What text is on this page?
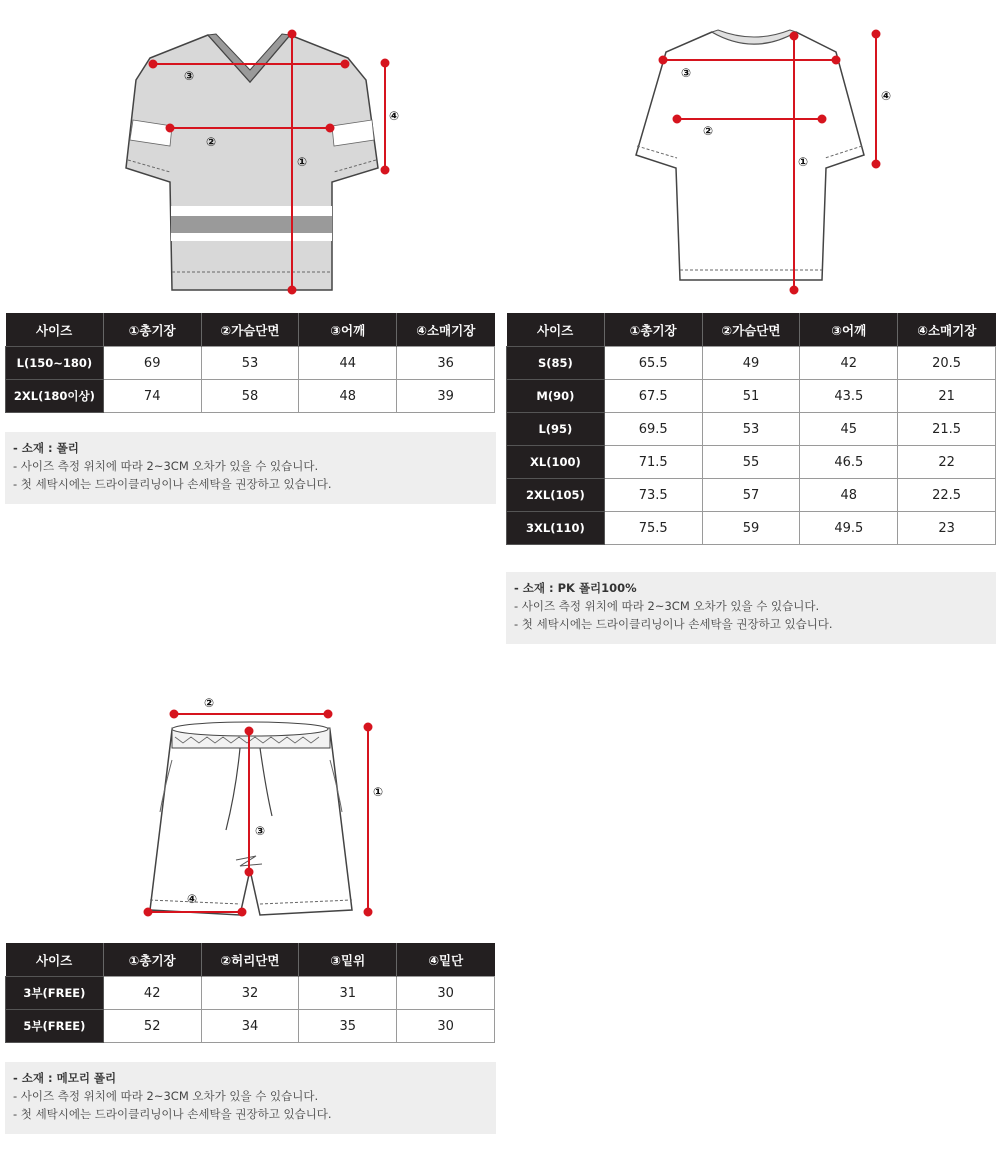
③
②
①
④
③
②
①
④
사이즈	①총기장	②가슴단면	③어깨	④소매기장
L(150~180)	69	53	44	36
2XL(180이상)	74	58	48	39
- 소재 : 폴리
- 사이즈 측정 위치에 따라 2~3CM 오차가 있을 수 있습니다.
- 첫 세탁시에는 드라이클리닝이나 손세탁을 권장하고 있습니다.
사이즈	①총기장	②가슴단면	③어깨	④소매기장
S(85)	65.5	49	42	20.5
M(90)	67.5	51	43.5	21
L(95)	69.5	53	45	21.5
XL(100)	71.5	55	46.5	22
2XL(105)	73.5	57	48	22.5
3XL(110)	75.5	59	49.5	23
- 소재 : PK 폴리100%
- 사이즈 측정 위치에 따라 2~3CM 오차가 있을 수 있습니다.
- 첫 세탁시에는 드라이클리닝이나 손세탁을 권장하고 있습니다.
②
③
④
①
사이즈	①총기장	②허리단면	③밑위	④밑단
3부(FREE)	42	32	31	30
5부(FREE)	52	34	35	30
- 소재 : 메모리 폴리
- 사이즈 측정 위치에 따라 2~3CM 오차가 있을 수 있습니다.
- 첫 세탁시에는 드라이클리닝이나 손세탁을 권장하고 있습니다.
